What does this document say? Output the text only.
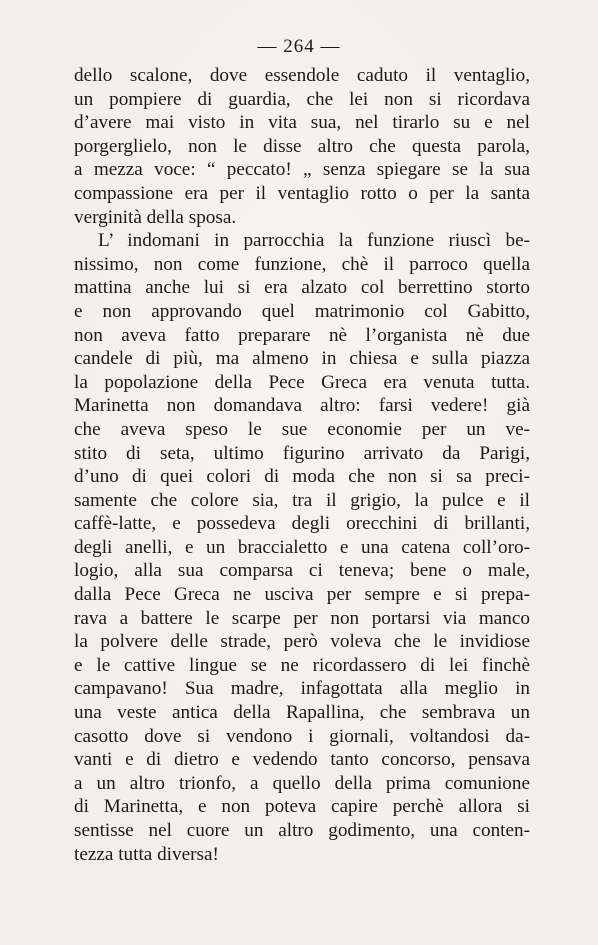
— 264 —
dello scalone, dove essendole caduto il ventaglio,
un pompiere di guardia, che lei non si ricordava
d’avere mai visto in vita sua, nel tirarlo su e nel
porgerglielo, non le disse altro che questa parola,
a mezza voce: “ peccato! „ senza spiegare se la sua
compassione era per il ventaglio rotto o per la santa
verginità della sposa.
L’ indomani in parrocchia la funzione riuscì be-
nissimo, non come funzione, chè il parroco quella
mattina anche lui si era alzato col berrettino storto
e non approvando quel matrimonio col Gabitto,
non aveva fatto preparare nè l’organista nè due
candele di più, ma almeno in chiesa e sulla piazza
la popolazione della Pece Greca era venuta tutta.
Marinetta non domandava altro: farsi vedere! già
che aveva speso le sue economie per un ve-
stito di seta, ultimo figurino arrivato da Parigi,
d’uno di quei colori di moda che non si sa preci-
samente che colore sia, tra il grigio, la pulce e il
caffè-latte, e possedeva degli orecchini di brillanti,
degli anelli, e un braccialetto e una catena coll’oro-
logio, alla sua comparsa ci teneva; bene o male,
dalla Pece Greca ne usciva per sempre e si prepa-
rava a battere le scarpe per non portarsi via manco
la polvere delle strade, però voleva che le invidiose
e le cattive lingue se ne ricordassero di lei finchè
campavano! Sua madre, infagottata alla meglio in
una veste antica della Rapallina, che sembrava un
casotto dove si vendono i giornali, voltandosi da-
vanti e di dietro e vedendo tanto concorso, pensava
a un altro trionfo, a quello della prima comunione
di Marinetta, e non poteva capire perchè allora si
sentisse nel cuore un altro godimento, una conten-
tezza tutta diversa!
